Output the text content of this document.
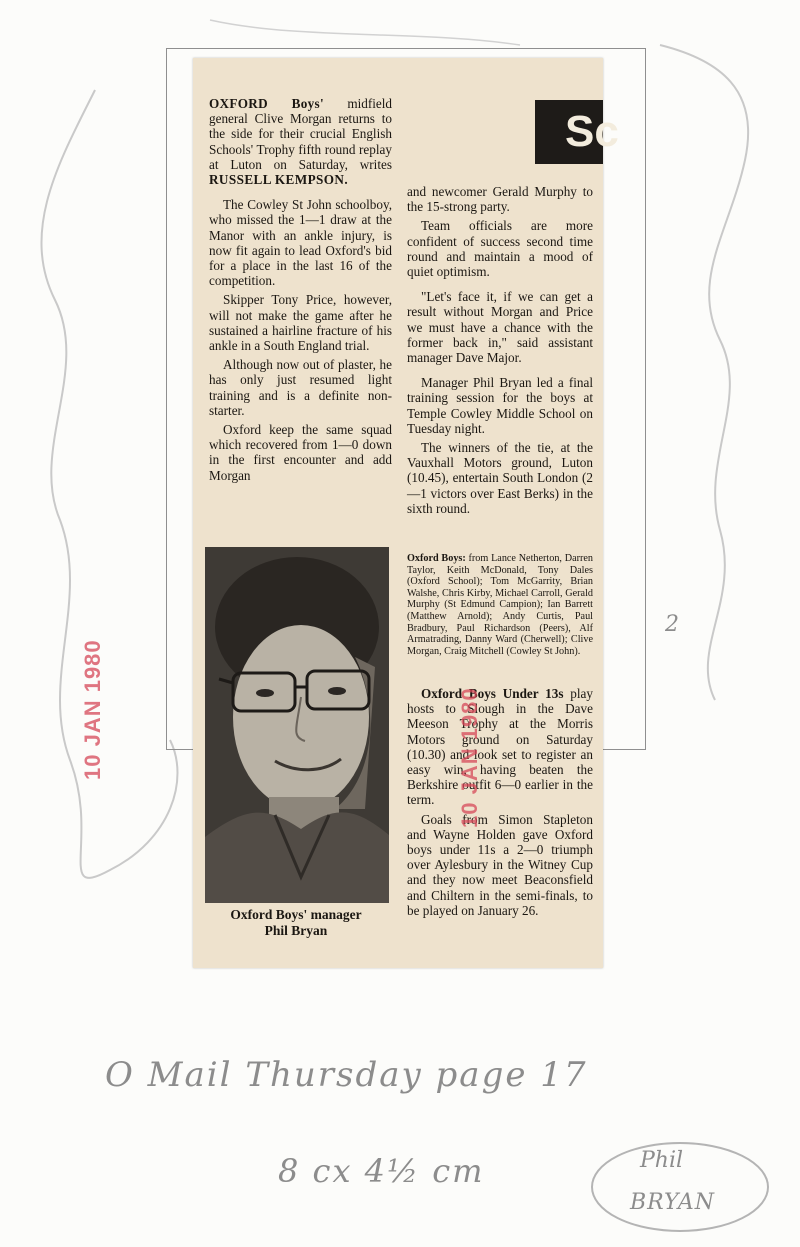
Sc

OXFORD Boys' midfield general Clive Morgan returns to the side for their crucial English Schools' Trophy fifth round replay at Luton on Saturday, writes RUSSELL KEMPSON.

The Cowley St John schoolboy, who missed the 1—1 draw at the Manor with an ankle injury, is now fit again to lead Oxford's bid for a place in the last 16 of the competition.

Skipper Tony Price, however, will not make the game after he sustained a hairline fracture of his ankle in a South England trial.

Although now out of plaster, he has only just resumed light training and is a definite non-starter.

Oxford keep the same squad which recovered from 1—0 down in the first encounter and add Morgan

Oxford Boys' manager
Phil Bryan

and newcomer Gerald Murphy to the 15-strong party.

Team officials are more confident of success second time round and maintain a mood of quiet optimism.

"Let's face it, if we can get a result without Morgan and Price we must have a chance with the former back in," said assistant manager Dave Major.

Manager Phil Bryan led a final training session for the boys at Temple Cowley Middle School on Tuesday night.

The winners of the tie, at the Vauxhall Motors ground, Luton (10.45), entertain South London (2—1 victors over East Berks) in the sixth round.

Oxford Boys: from Lance Netherton, Darren Taylor, Keith McDonald, Tony Dales (Oxford School); Tom McGarrity, Brian Walshe, Chris Kirby, Michael Carroll, Gerald Murphy (St Edmund Campion); Ian Barrett (Matthew Arnold); Andy Curtis, Paul Bradbury, Paul Richardson (Peers), Alf Armatrading, Danny Ward (Cherwell); Clive Morgan, Craig Mitchell (Cowley St John).

Oxford Boys Under 13s play hosts to Slough in the Dave Meeson Trophy at the Morris Motors ground on Saturday (10.30) and look set to register an easy win, having beaten the Berkshire outfit 6—0 earlier in the term.

Goals from Simon Stapleton and Wayne Holden gave Oxford boys under 11s a 2—0 triumph over Aylesbury in the Witney Cup and they now meet Beaconsfield and Chiltern in the semi-finals, to be played on January 26.

10 JAN 1980
10 JAN 1980
2
O Mail Thursday page 17
8 cx 4½ cm	Phil
BRYAN
